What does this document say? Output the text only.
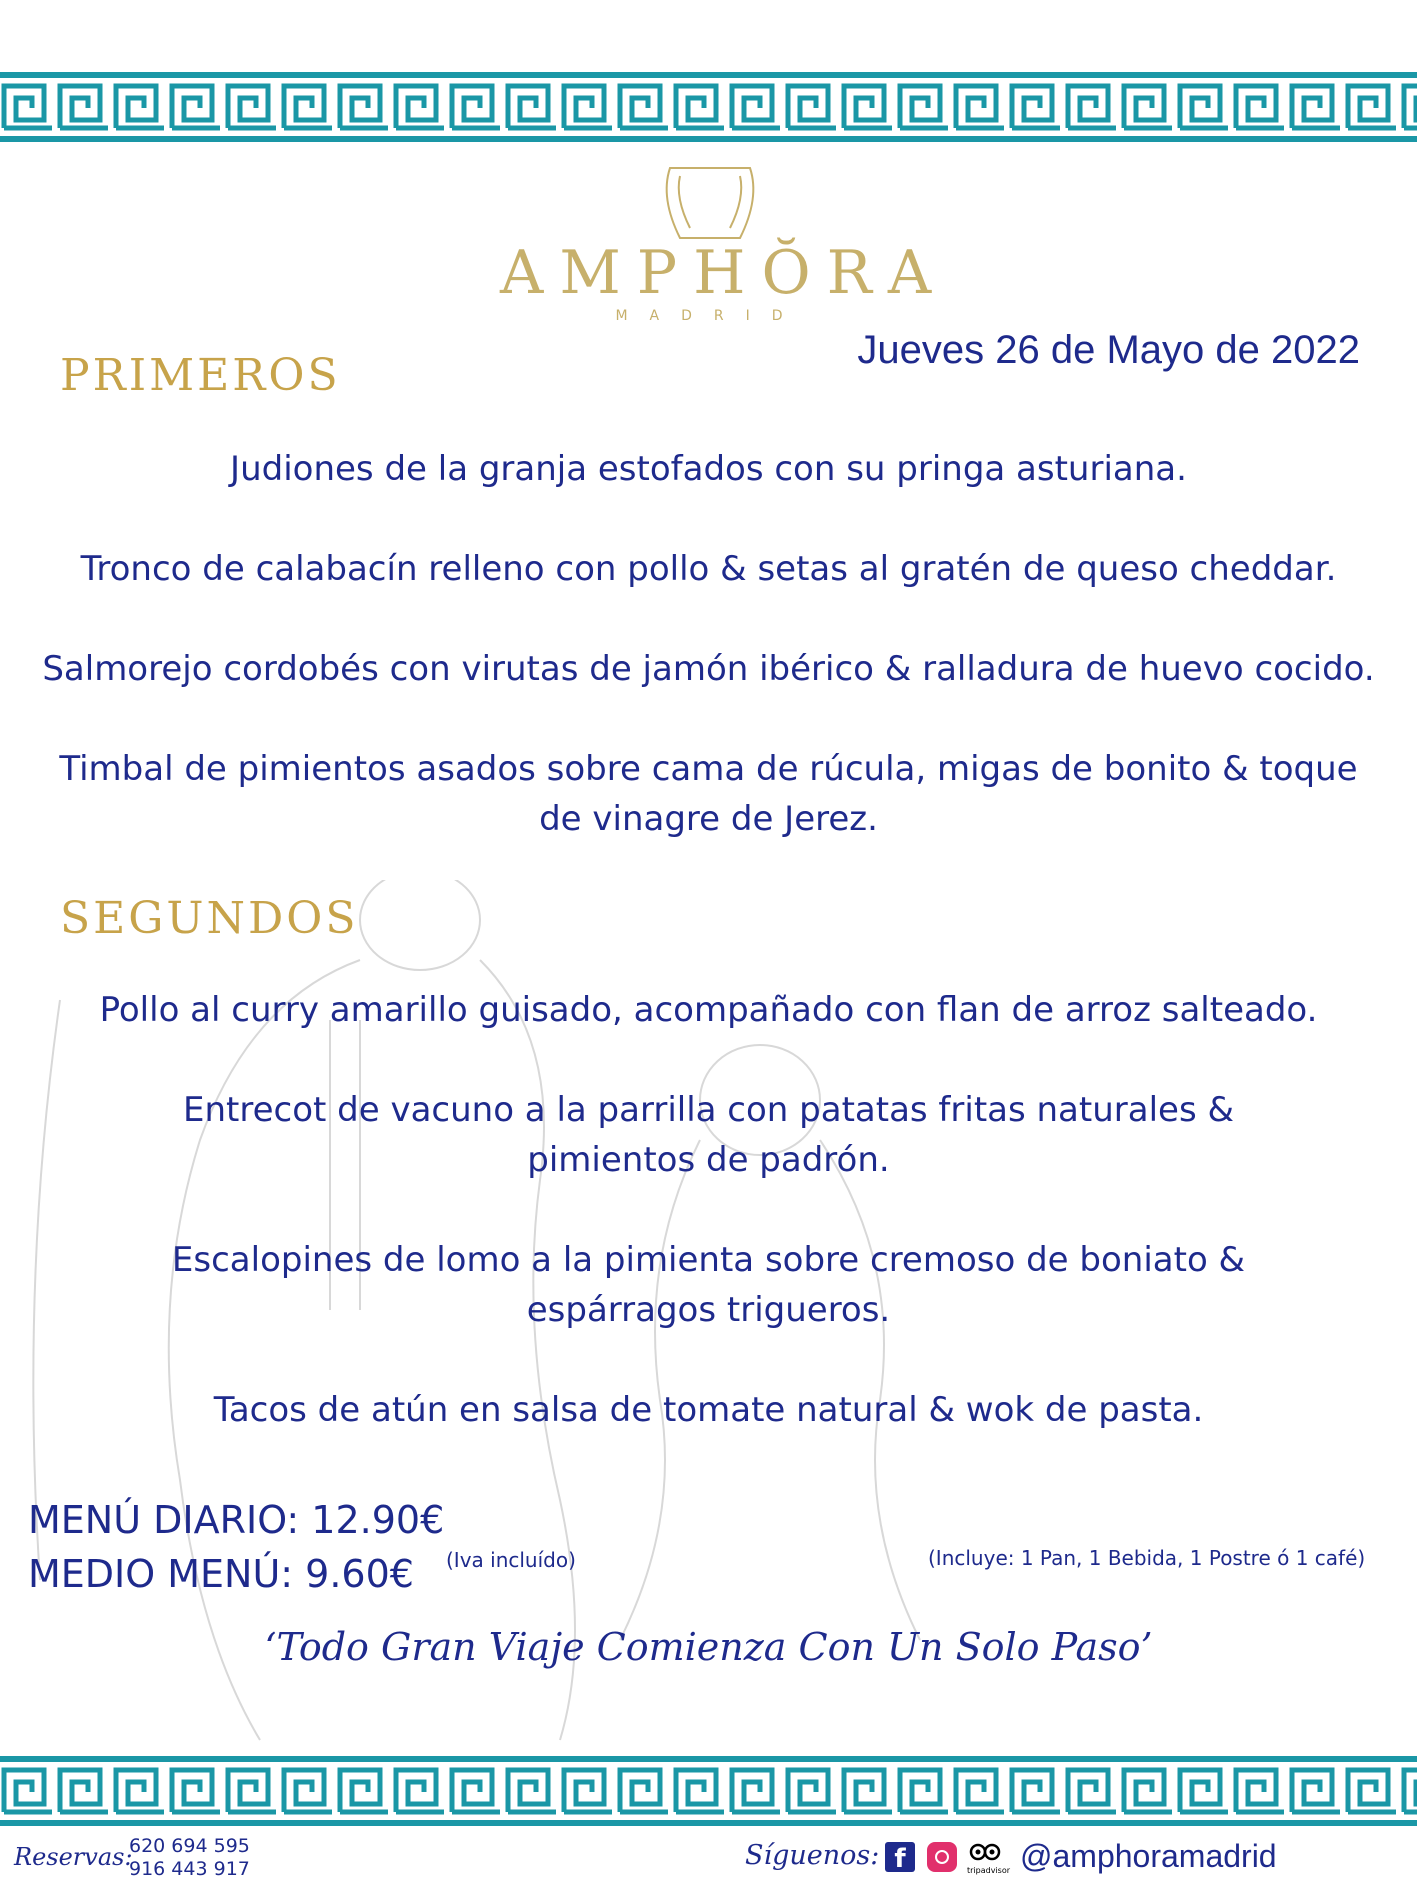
AMPHŎRA
MADRID
Jueves 26 de Mayo de 2022
PRIMEROS
Judiones de la granja estofados con su pringa asturiana.
Tronco de calabacín relleno con pollo & setas al gratén de queso cheddar.
Salmorejo cordobés con virutas de jamón ibérico & ralladura de huevo cocido.
Timbal de pimientos asados sobre cama de rúcula, migas de bonito & toque
de vinagre de Jerez.
SEGUNDOS
Pollo al curry amarillo guisado, acompañado con flan de arroz salteado.
Entrecot de vacuno a la parrilla con patatas fritas naturales &
pimientos de padrón.
Escalopines de lomo a la pimienta sobre cremoso de boniato &
espárragos trigueros.
Tacos de atún en salsa de tomate natural & wok de pasta.
MENÚ DIARIO: 12.90€
MEDIO MENÚ: 9.60€ (Iva incluído)	(Incluye: 1 Pan, 1 Bebida, 1 Postre ó 1 café)
‘Todo Gran Viaje Comienza Con Un Solo Paso’
Reservas:
620 694 595
916 443 917	Síguenos: f	tripadvisor @amphoramadrid
